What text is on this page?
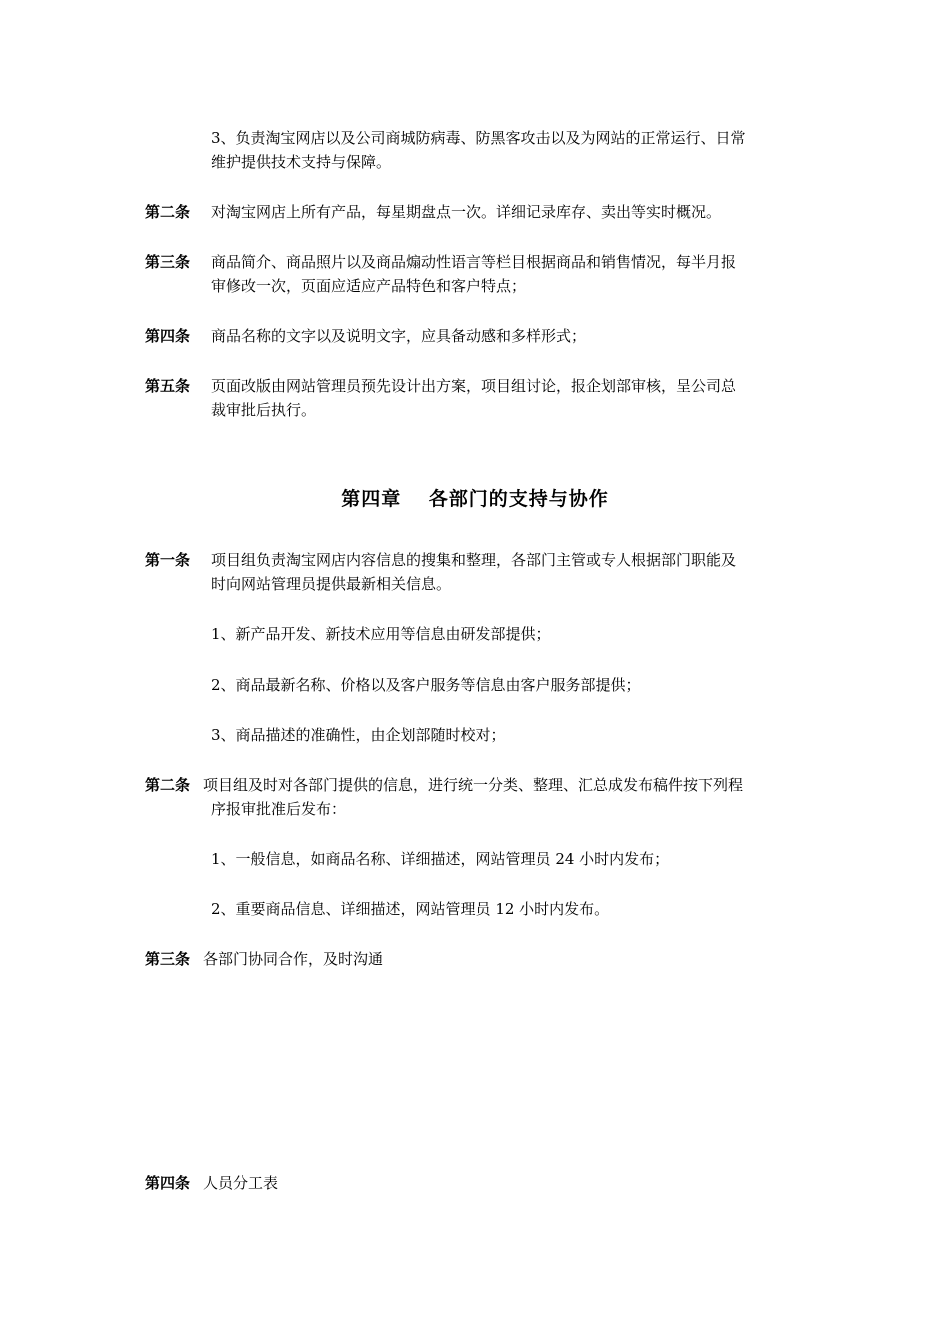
3、负责淘宝网店以及公司商城防病毒、防黑客攻击以及为网站的正常运行、日常
维护提供技术支持与保障。
第二条 对淘宝网店上所有产品，每星期盘点一次。详细记录库存、卖出等实时概况。
第三条 商品简介、商品照片以及商品煽动性语言等栏目根据商品和销售情况，每半月报
审修改一次，页面应适应产品特色和客户特点；
第四条 商品名称的文字以及说明文字，应具备动感和多样形式；
第五条 页面改版由网站管理员预先设计出方案，项目组讨论，报企划部审核，呈公司总
裁审批后执行。
第四章　 各部门的支持与协作
第一条 项目组负责淘宝网店内容信息的搜集和整理，各部门主管或专人根据部门职能及
时向网站管理员提供最新相关信息。
1、新产品开发、新技术应用等信息由研发部提供；
2、商品最新名称、价格以及客户服务等信息由客户服务部提供；
3、商品描述的准确性，由企划部随时校对；
第二条 项目组及时对各部门提供的信息，进行统一分类、整理、汇总成发布稿件按下列程
序报审批准后发布：
1、一般信息，如商品名称、详细描述，网站管理员 24 小时内发布；
2、重要商品信息、详细描述，网站管理员 12 小时内发布。
第三条 各部门协同合作，及时沟通
第四条 人员分工表
